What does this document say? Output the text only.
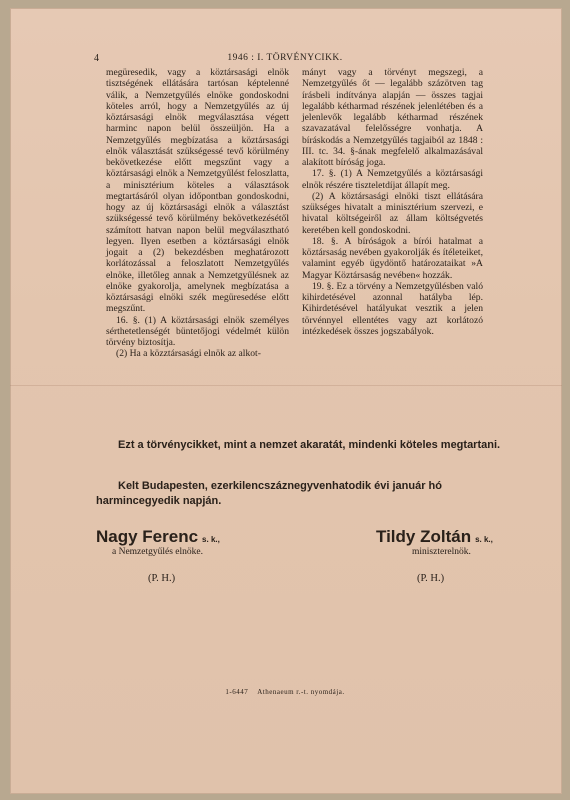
4	1946 : I. TÖRVÉNYCIKK.

megüresedik, vagy a köztársasági elnök tisztségének ellátására tartósan képtelenné válik, a Nemzetgyűlés elnöke gondoskodni köteles arról, hogy a Nemzetgyűlés az új köztársasági elnök megválasztása végett harminc napon belül összeüljön. Ha a Nemzetgyűlés megbízatása a köztársasági elnök választását szükségessé tevő körülmény bekövetkezése előtt megszűnt vagy a köztársasági elnök a Nemzetgyűlést feloszlatta, a minisztérium köteles a választások megtartásáról olyan időpontban gondoskodni, hogy az új köztársasági elnök a választást szükségessé tevő körülmény bekövetkezésétől számított hatvan napon belül megválasztható legyen. Ilyen esetben a köztársasági elnök jogait a (2) bekezdésben meghatározott korlátozással a feloszlatott Nemzetgyűlés elnöke, illetőleg annak a Nemzetgyűlésnek az elnöke gyakorolja, amelynek megbízatása a köztársasági elnöki szék megüresedése előtt megszűnt.

16. §. (1) A köztársasági elnök személyes sérthetetlenségét büntetőjogi védelmét külön törvény biztosítja.

(2) Ha a közztársasági elnök az alkot-

mányt vagy a törvényt megszegi, a Nemzetgyűlés őt — legalább százötven tag írásbeli indítványa alapján — összes tagjai legalább kétharmad részének jelenlétében és a jelenlevők legalább kétharmad részének szavazatával felelősségre vonhatja. A bíráskodás a Nemzetgyűlés tagjaiból az 1848 : III. tc. 34. §-ának megfelelő alkalmazásával alakított bíróság joga.

17. §. (1) A Nemzetgyűlés a köztársasági elnök részére tiszteletdíjat állapít meg.

(2) A köztársasági elnöki tiszt ellátására szükséges hivatalt a minisztérium szervezi, e hivatal költségeiről az állam költségvetés keretében kell gondoskodni.

18. §. A bíróságok a bírói hatalmat a köztársaság nevében gyakorolják és ítéleteiket, valamint egyéb ügydöntő határozataikat »A Magyar Köztársaság nevében« hozzák.

19. §. Ez a törvény a Nemzetgyűlésben való kihirdetésével azonnal hatályba lép. Kihirdetésével hatályukat vesztik a jelen törvénnyel ellentétes vagy azt korlátozó intézkedések összes jogszabályok.

Ezt a törvénycikket, mint a nemzet akaratát, mindenki köteles megtartani.
Kelt Budapesten, ezerkilencszáznegyvenhatodik évi január hó harmincegyedik napján.
Nagy Ferenc s. k.,
a Nemzetgyűlés elnöke.
(P. H.)
Tildy Zoltán s. k.,
miniszterelnök.
(P. H.)
1-6447 Athenaeum r.-t. nyomdája.
